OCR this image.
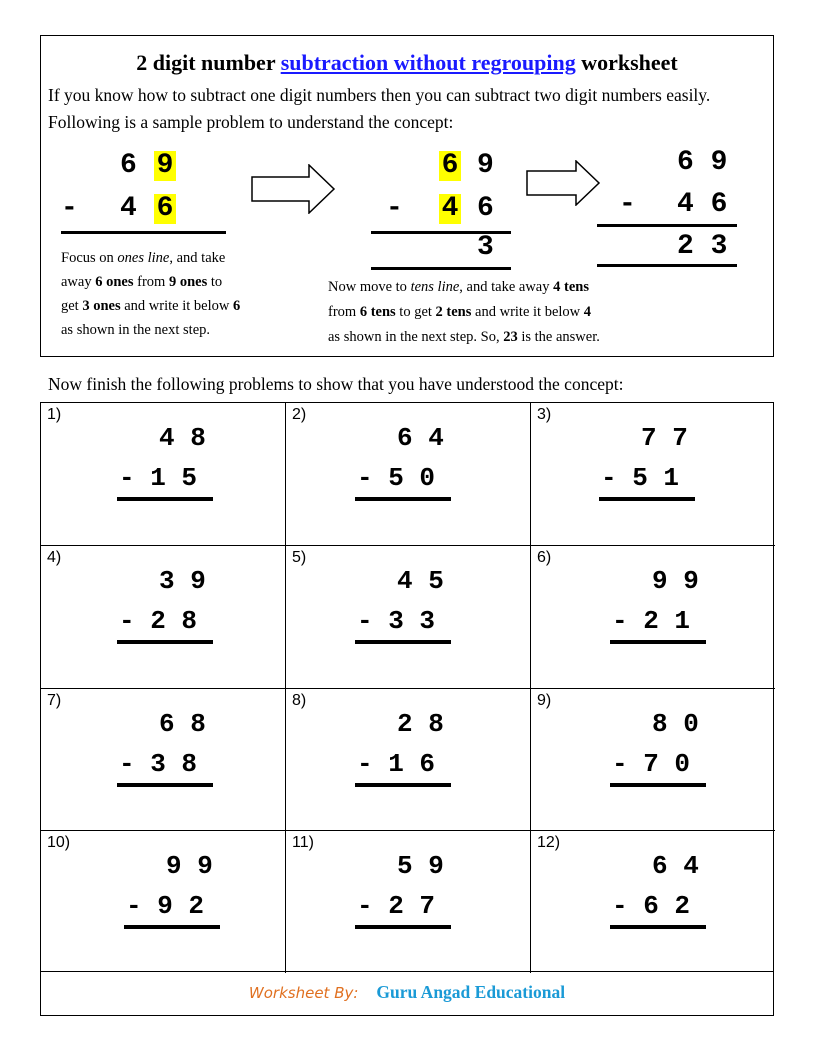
2 digit number subtraction without regrouping worksheet
If you know how to subtract one digit numbers then you can subtract two digit numbers easily. Following is a sample problem to understand the concept:
6 9
- 4 6
6 9
- 4 6
3
6 9
- 4 6
2 3
Focus on ones line, and take
away 6 ones from 9 ones to
get 3 ones and write it below 6
as shown in the next step.
Now move to tens line, and take away 4 tens
from 6 tens to get 2 tens and write it below 4
as shown in the next step. So, 23 is the answer.
Now finish the following problems to show that you have understood the concept:
1)
4 8
- 1 5
2)
6 4
- 5 0
3)
7 7
- 5 1
4)
3 9
- 2 8
5)
4 5
- 3 3
6)
9 9
- 2 1
7)
6 8
- 3 8
8)
2 8
- 1 6
9)
8 0
- 7 0
10)
9 9
- 9 2
11)
5 9
- 2 7
12)
6 4
- 6 2
Worksheet By: Guru Angad Educational
